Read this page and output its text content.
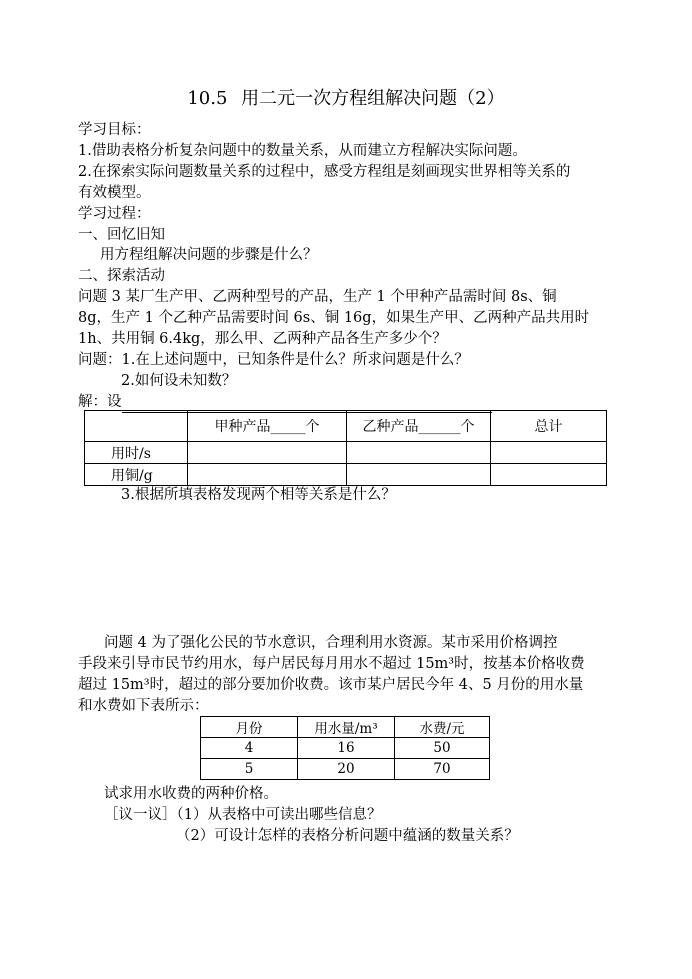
10.5 用二元一次方程组解决问题（2）
学习目标：
1.借助表格分析复杂问题中的数量关系，从而建立方程解决实际问题。
2.在探索实际问题数量关系的过程中，感受方程组是刻画现实世界相等关系的
有效模型。
学习过程：
一、回忆旧知
用方程组解决问题的步骤是什么？
二、探索活动
问题 3 某厂生产甲、乙两种型号的产品，生产 1 个甲种产品需时间 8s、铜
8g，生产 1 个乙种产品需要时间 6s、铜 16g，如果生产甲、乙两种产品共用时
1h、共用铜 6.4kg，那么甲、乙两种产品各生产多少个？
问题：1.在上述问题中，已知条件是什么？所求问题是什么？
2.如何设未知数？
解：设
	甲种产品_____个	乙种产品______个	总计
用时/s			
用铜/g			
3.根据所填表格发现两个相等关系是什么？
问题 4 为了强化公民的节水意识，合理利用水资源。某市采用价格调控
手段来引导市民节约用水，每户居民每月用水不超过 15m³时，按基本价格收费
超过 15m³时，超过的部分要加价收费。该市某户居民今年 4、5 月份的用水量
和水费如下表所示：
月份	用水量/m³	水费/元
4	16	50
5	20	70
试求用水收费的两种价格。
［议一议］（1）从表格中可读出哪些信息？
（2）可设计怎样的表格分析问题中蕴涵的数量关系？
